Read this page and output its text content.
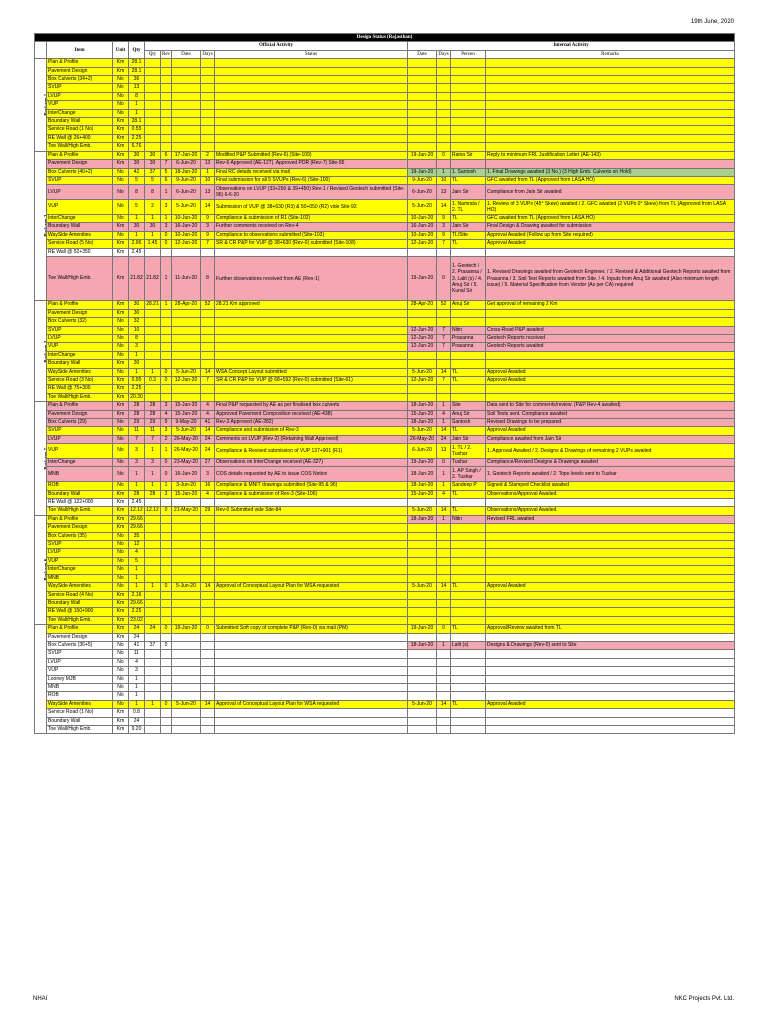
19th June, 2020
Design Status (Rajasthan)												
	Item	Unit	Qty	Official Activity					Internal Activity			
				Qty	Rev	Date	Days	Status	Date	Days	Person	Remarks
Package-1	Plan & Profile	Km	28.1									
	Pavement Design	Km	28.1									
	Box Culverts (34+2)	No	36									
	SVUP	No	13									
	LVUP	No	8									
	VUP	No	1									
	InterChange	No	1									
	Boundary Wall	Km	28.1									
	Service Road (1 No)	Km	0.55									
	RE Wall @ 26+400	Km	2.25									
	Toe Wall/High Emb.	Km	6.76									
Package-2	Plan & Profile	Km	30	30	6	17-Jun-20	2	Modified P&P Submitted (Rev-6) (Site-109)	19-Jun-20	0	Raina Sir	Reply to minimum FRL Justification Letter (AE-143)
	Pavement Design	Km	30	30	7	6-Jun-20	13	Rev-6 Approved (AE-127). Approved PDR (Rev-7) Site-95				
	Box Culverts (40+2)	No	42	37	5	18-Jun-20	1	Final RC details received via mail	19-Jun-20	1	1. Santosh	1. Final Drawings awaited (3 No.) (3 High Emb. Culverts on Hold)
	SVUP	No	5	5	6	9-Jun-20	10	Final submission for all 5 SVUPs (Rev-6) (Site-100)	9-Jun-20	10	TL	GFC awaited from TL (Approved from LASA HO)
	LVUP	No	8	8	1	6-Jun-20	13	Observations on LVUP (33+250 & 39+450) Rev-1 / Revised Geotech submitted (Site-96) 6-6-20	6-Jun-20	13	Jain Sir	Compliance from Jain Sir awaited
	VUP	No	5	2	3	5-Jun-20	14	Submission of VUP @ 38+630 (R3) & 50+050 (R2) vide Site-92	5-Jun-20	14	1. Namrata / 2. TL	1. Review of 3 VUPs (45° Skew) awaited / 2. GFC awaited (2 VUPs 0° Skew) from TL (Approved from LASA HO)
	InterChange	No	1	1	1	10-Jun-20	9	Compliance & submission of R1 (Site-102)	10-Jun-20	9	TL	GFC awaited from TL (Approved from LASA HO)
	Boundary Wall	Km	30	30	3	16-Jun-20	3	Further comments received on Rev-4	16-Jun-20	3	Jain Sir	Final Design & Drawing awaited for submission
	WaySide Amenities	No	1	1	0	10-Jun-20	9	Compliance to observations submitted (Site-103)	10-Jun-20	9	TL/Site	Approval Awaited (Follow up from Site required)
	Service Road (5 No)	Km	2.96	1.45	0	12-Jun-20	7	SR & CR P&P for VUP @ 38+630 (Rev-0) submitted (Site-108)	12-Jun-20	7	TL	Approval Awaited
	RE Wall @ 52+350	Km	2.45									
	Toe Wall/High Emb.	Km	21.82	21.82	1	11-Jun-20	8	Further observations received from AE (Rev-1)	19-Jun-20	0	1. Geotech / 2. Prasanna / 3. Lalit (s) / 4. Anuj Sir / 5. Kunal Sir	1. Revised Drawings awaited from Geotech Engineer. / 2. Revised & Additional Geotech Reports awaited from Prasanna / 3. Soil Test Reports awaited from Site. / 4. Inputs from Anuj Sir awaited (Also minimum length issue) / 5. Material Specification from Vendor (As per CA) required
Package-3	Plan & Profile	Km	30	28.21	1	28-Apr-20	52	28.21 Km approved	28-Apr-20	52	Anuj Sir	Get approval of remaining 2 Km
	Pavement Design	Km	30									
	Box Culverts (32)	No	32									
	SVUP	No	10						12-Jun-20	7	Nitin	Cross-Road P&P awaited
	LVUP	No	8						12-Jun-20	7	Prasanna	Geotech Reports received
	VUP	No	3						12-Jun-20	7	Prasanna	Geotech Reports awaited
	InterChange	No	1									
	Boundary Wall	Km	30									
	WaySide Amenities	No	1	1	0	5-Jun-20	14	WSA Concept Layout submitted	5-Jun-20	14	TL	Approval Awaited
	Service Road (3 No)	Km	0.95	0.3	0	12-Jun-20	7	SR & CR P&P for VUP @ 68+592 (Rev-0) submitted (Site-61)	12-Jun-20	7	TL	Approval Awaited
	RE Wall @ 75+300	Km	2.25									
	Toe Wall/High Emb.	Km	20.30									
Package-5	Plan & Profile	Km	28	28	3	15-Jun-20	4	Final P&P requested by AE as per finalised box culverts	18-Jun-20	1	Site	Data sent to Site for comments/review. (P&P Rev-4 awaited)
	Pavement Design	Km	28	28	4	15-Jun-20	4	Approved Pavement Composition received (AE-438)	15-Jun-20	4	Anuj Sir	Soil Tests sent. Compliance awaited
	Box Culverts (29)	No	29	29	9	9-May-20	41	Rev-3 Approved (AE-282)	18-Jun-20	1	Santosh	Revised Drawings to be prepared
	SVUP	No	11	11	3	5-Jun-20	14	Compliance and submission of Rev-3	5-Jun-20	14	TL	Approval Awaited
	LVUP	No	7	7	2	26-May-20	24	Comments on LVUP (Rev-2) (Retaining Wall Approved)	26-May-20	24	Jain Sir	Compliance awaited from Jain Sir
	VUP	No	3	1	1	26-May-20	24	Compliance & Revised submission of VUP 137+901 (R1)	6-Jun-20	13	1. TL / 2. Tushar	1. Approval Awaited / 2. Designs & Drawings of remaining 2 VUPs awaited
	InterChange	No	3	3	0	23-May-20	27	Observations on InterChange received (AE-327)	19-Jun-20	0	Tushar	Compliance/Revised Designs & Drawings awaited
	MNB	No	1	1	0	16-Jun-20	3	COS details requested by AE to issue COS Notice	18-Jun-20	1	1. AP Singh / 2. Tushar	1. Geotech Reports awaited / 2. Topo levels sent to Tushar
	ROB	No	1	1	1	3-Jun-20	16	Compliance & MNIT drawings submitted (Site-95 & 96)	18-Jun-20	1	Sandeep P	Signed & Stamped Checklist awaited
	Boundary Wall	Km	28	28	3	15-Jun-20	4	Compliance & submission of Rev-3 (Site-106)	15-Jun-20	4	TL	Observations/Approval Awaited
	RE Wall @ 122+000	Km	2.45									
	Toe Wall/High Emb.	Km	12.12	12.12	0	21-May-20	29	Rev-0 Submitted vide Site-84	5-Jun-20	14	TL	Observations/Approval Awaited
Package-6	Plan & Profile	Km	29.66						18-Jun-20	1	Nitin	Revised FRL awaited
	Pavement Design	Km	29.66									
	Box Culverts (35)	No	35									
	SVUP	No	12									
	LVUP	No	4									
	VUP	No	5									
	InterChange	No	1									
	MNB	No	1									
	WaySide Amenities	No	1	1	0	5-Jun-20	14	Approval of Conceptual Layout Plan for WSA requested	5-Jun-20	14	TL	Approval Awaited
	Service Road (4 No)	Km	2.16									
	Boundary Wall	Km	29.66									
	RE Wall @ 150+900	Km	2.25									
	Toe Wall/High Emb.	Km	23.02									
	Plan & Profile	Km	24	24	0	19-Jun-20	0	Submitted Soft copy of complete P&P (Rev-0) via mail (PM)	19-Jun-20	0	TL	Approval/Review awaited from TL
	Pavement Design	Km	24									
	Box Culverts (36+5)	No	41	37	0				18-Jun-20	1	Lalit (s)	Designs & Drawings (Rev-0) sent to Site
	SVUP	No	11									
	LVUP	No	4									
	VUP	No	3									
	Looney MJB	No	1									
	MNB	No	1									
	ROB	No	1									
	WaySide Amenities	No	1	1	0	5-Jun-20	14	Approval of Conceptual Layout Plan for WSA requested	5-Jun-20	14	TL	Approval Awaited
	Service Road (1 No)	Km	0.8									
	Boundary Wall	Km	24									
	Toe Wall/High Emb.	Km	9.20									
NHAI	NKC Projects Pvt. Ltd.
